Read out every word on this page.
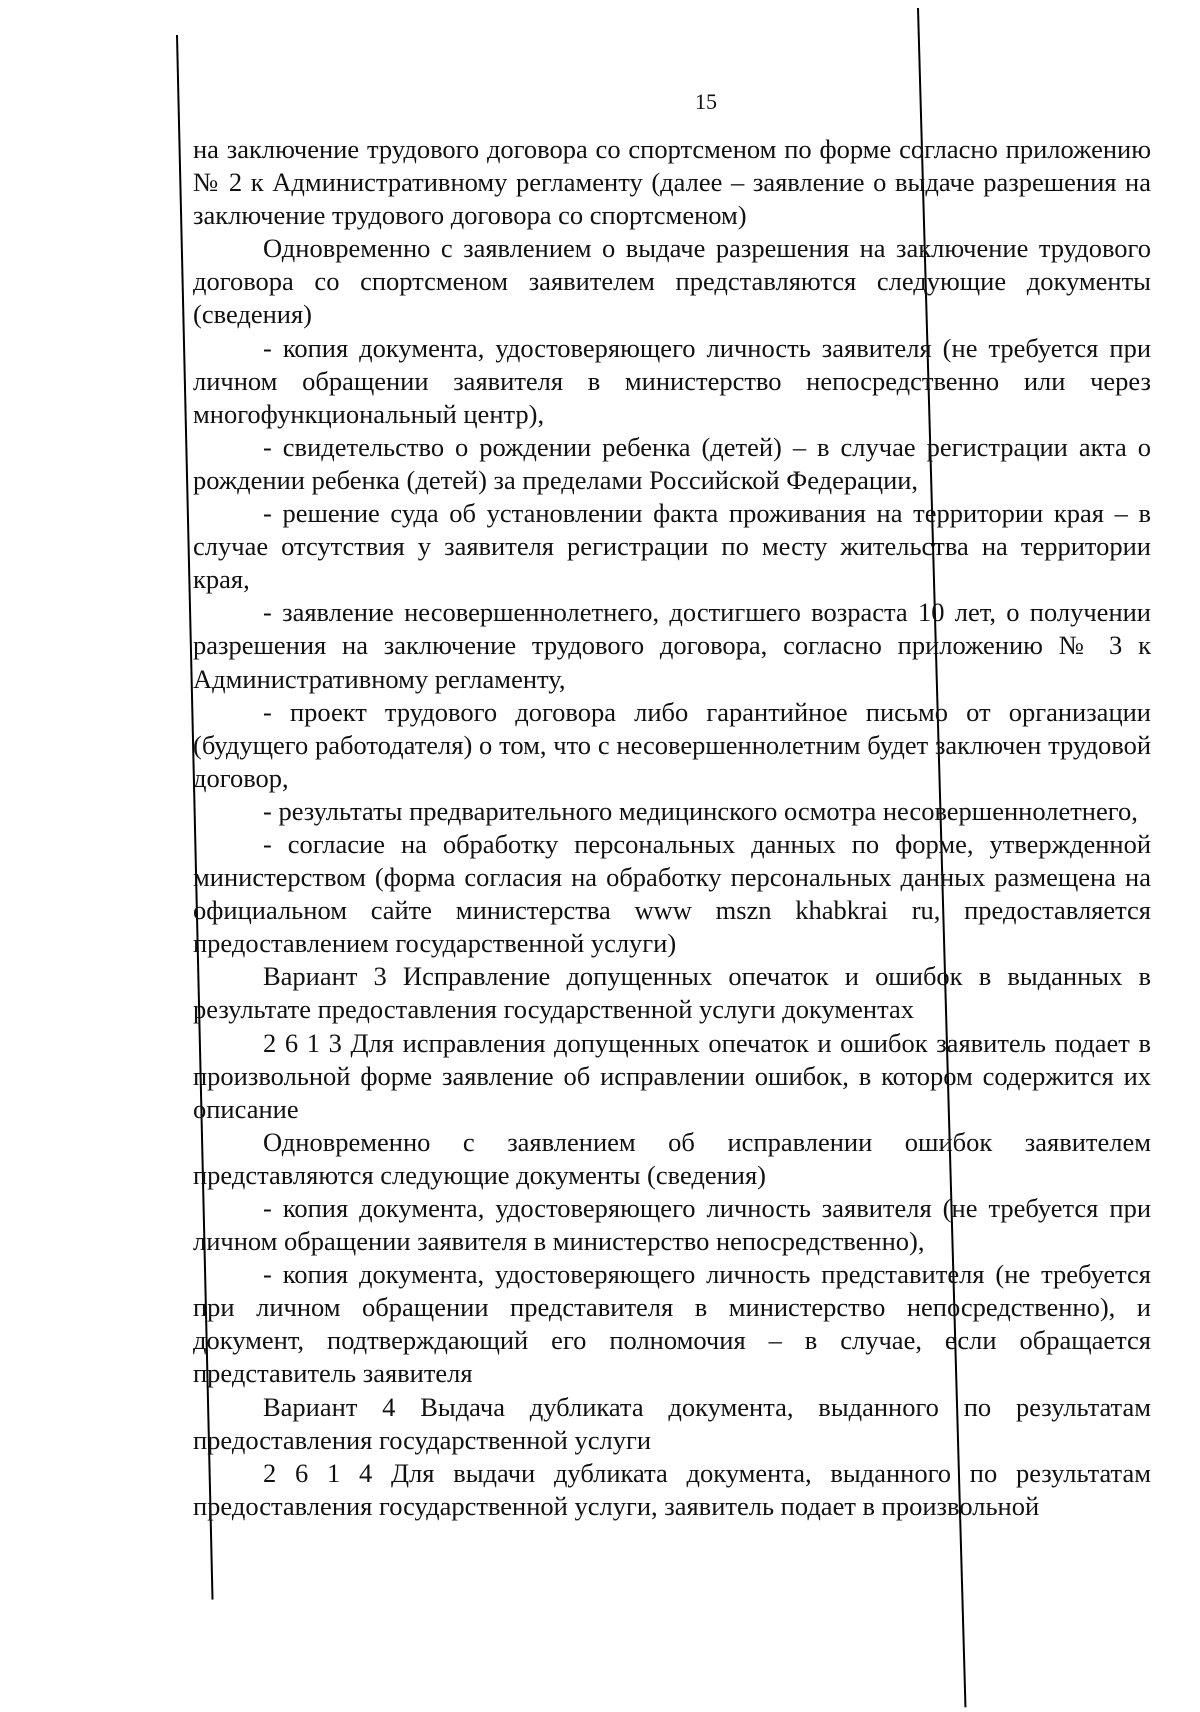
15

на заключение трудового договора со спортсменом по форме согласно приложению № 2 к Административному регламенту (далее – заявление о выдаче разрешения на заключение трудового договора со спортсменом)

Одновременно с заявлением о выдаче разрешения на заключение трудового договора со спортсменом заявителем представляются следующие документы (сведения)

- копия документа, удостоверяющего личность заявителя (не требуется при личном обращении заявителя в министерство непосредственно или через многофункциональный центр),

- свидетельство о рождении ребенка (детей) – в случае регистрации акта о рождении ребенка (детей) за пределами Российской Федерации,

- решение суда об установлении факта проживания на территории края – в случае отсутствия у заявителя регистрации по месту жительства на территории края,

- заявление несовершеннолетнего, достигшего возраста 10 лет, о получении разрешения на заключение трудового договора, согласно приложению № 3 к Административному регламенту,

- проект трудового договора либо гарантийное письмо от организации (будущего работодателя) о том, что с несовершеннолетним будет заключен трудовой договор,

- результаты предварительного медицинского осмотра несовершеннолетнего,

- согласие на обработку персональных данных по форме, утвержденной министерством (форма согласия на обработку персональных данных размещена на официальном сайте министерства www mszn khabkrai ru, предоставляется предоставлением государственной услуги)

Вариант 3 Исправление допущенных опечаток и ошибок в выданных в результате предоставления государственной услуги документах

2 6 1 3 Для исправления допущенных опечаток и ошибок заявитель подает в произвольной форме заявление об исправлении ошибок, в котором содержится их описание

Одновременно с заявлением об исправлении ошибок заявителем представляются следующие документы (сведения)

- копия документа, удостоверяющего личность заявителя (не требуется при личном обращении заявителя в министерство непосредственно),

- копия документа, удостоверяющего личность представителя (не требуется при личном обращении представителя в министерство непосредственно), и документ, подтверждающий его полномочия – в случае, если обращается представитель заявителя

Вариант 4 Выдача дубликата документа, выданного по результатам предоставления государственной услуги

2 6 1 4 Для выдачи дубликата документа, выданного по результатам предоставления государственной услуги, заявитель подает в произвольной
